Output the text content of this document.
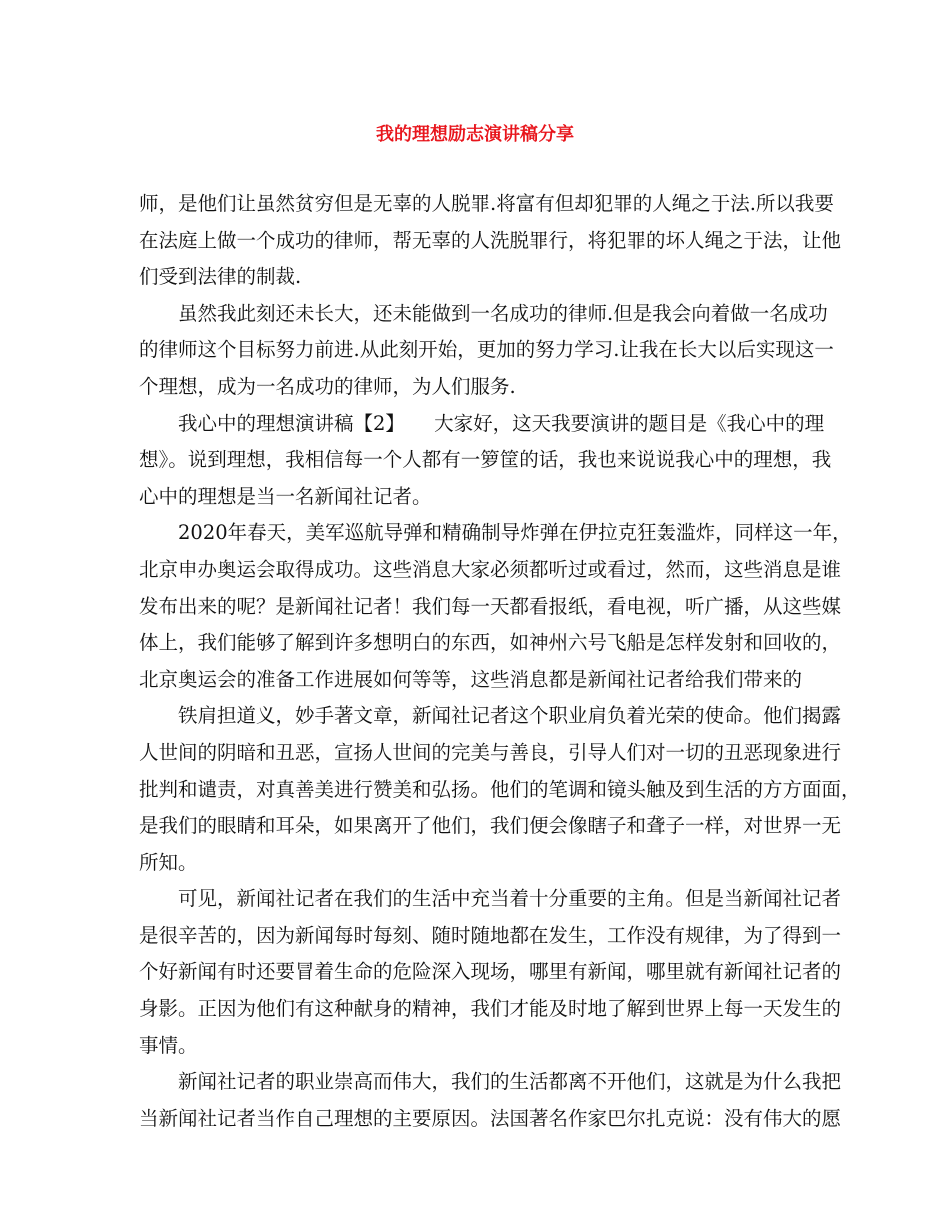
我的理想励志演讲稿分享
师，是他们让虽然贫穷但是无辜的人脱罪.将富有但却犯罪的人绳之于法.所以我要
在法庭上做一个成功的律师，帮无辜的人洗脱罪行，将犯罪的坏人绳之于法，让他
们受到法律的制裁.
虽然我此刻还未长大，还未能做到一名成功的律师.但是我会向着做一名成功
的律师这个目标努力前进.从此刻开始，更加的努力学习.让我在长大以后实现这一
个理想，成为一名成功的律师，为人们服务.
我心中的理想演讲稿【2】　　大家好，这天我要演讲的题目是《我心中的理
想》。说到理想，我相信每一个人都有一箩筐的话，我也来说说我心中的理想，我
心中的理想是当一名新闻社记者。
2020年春天，美军巡航导弹和精确制导炸弹在伊拉克狂轰滥炸，同样这一年，
北京申办奥运会取得成功。这些消息大家必须都听过或看过，然而，这些消息是谁
发布出来的呢？是新闻社记者！我们每一天都看报纸，看电视，听广播，从这些媒
体上，我们能够了解到许多想明白的东西，如神州六号飞船是怎样发射和回收的，
北京奥运会的准备工作进展如何等等，这些消息都是新闻社记者给我们带来的
铁肩担道义，妙手著文章，新闻社记者这个职业肩负着光荣的使命。他们揭露
人世间的阴暗和丑恶，宣扬人世间的完美与善良，引导人们对一切的丑恶现象进行
批判和谴责，对真善美进行赞美和弘扬。他们的笔调和镜头触及到生活的方方面面，
是我们的眼睛和耳朵，如果离开了他们，我们便会像瞎子和聋子一样，对世界一无
所知。
可见，新闻社记者在我们的生活中充当着十分重要的主角。但是当新闻社记者
是很辛苦的，因为新闻每时每刻、随时随地都在发生，工作没有规律，为了得到一
个好新闻有时还要冒着生命的危险深入现场，哪里有新闻，哪里就有新闻社记者的
身影。正因为他们有这种献身的精神，我们才能及时地了解到世界上每一天发生的
事情。
新闻社记者的职业崇高而伟大，我们的生活都离不开他们，这就是为什么我把
当新闻社记者当作自己理想的主要原因。法国著名作家巴尔扎克说：没有伟大的愿
